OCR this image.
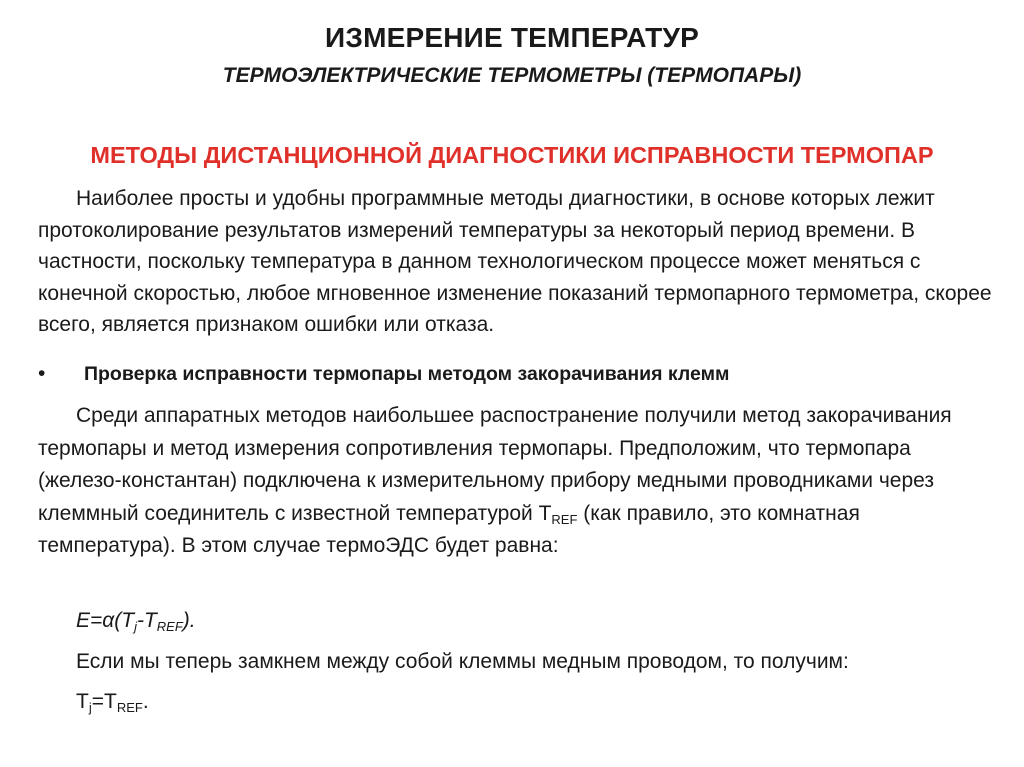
ИЗМЕРЕНИЕ ТЕМПЕРАТУР
ТЕРМОЭЛЕКТРИЧЕСКИЕ ТЕРМОМЕТРЫ (ТЕРМОПАРЫ)
МЕТОДЫ ДИСТАНЦИОННОЙ ДИАГНОСТИКИ ИСПРАВНОСТИ ТЕРМОПАР
Наиболее просты и удобны программные методы диагностики, в основе которых лежит протоколирование результатов измерений температуры за некоторый период времени. В частности, поскольку температура в данном технологическом процессе может меняться с конечной скоростью, любое мгновенное изменение показаний термопарного термометра, скорее всего, является признаком ошибки или отказа.
• Проверка исправности термопары методом закорачивания клемм
Среди аппаратных методов наибольшее распостранение получили метод закорачивания термопары и метод измерения сопротивления термопары. Предположим, что термопара (железо-константан) подключена к измерительному прибору медными проводниками через клеммный соединитель с известной температурой $T_{REF}$ (как правило, это комнатная температура). В этом случае термоЭДС будет равна:
$E=\alpha(T_j-T_{REF})$.
Если мы теперь замкнем между собой клеммы медным проводом, то получим:
$T_j=T_{REF}$.
